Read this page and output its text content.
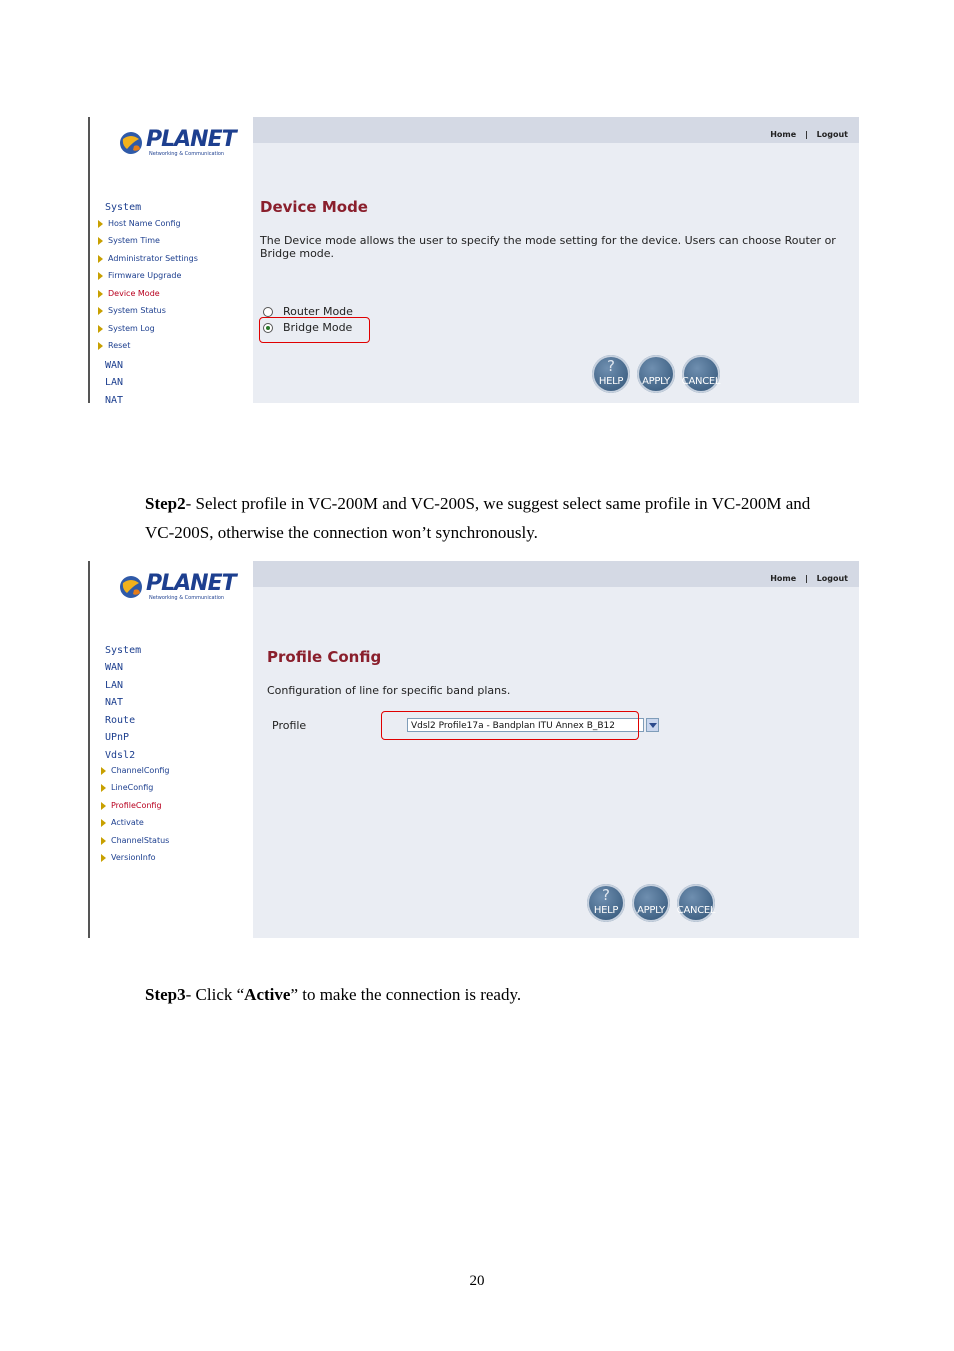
PLANET
Networking & Communication
System
Host Name Config
System Time
Administrator Settings
Firmware Upgrade
Device Mode
System Status
System Log
Reset
WAN
LAN
NAT
Home | Logout
Device Mode
The Device mode allows the user to specify the mode setting for the device. Users can choose Router or Bridge mode.
Router Mode
Bridge Mode
?
HELP	APPLY	CANCEL
Step2- Select profile in VC-200M and VC-200S, we suggest select same profile in VC-200M and VC-200S, otherwise the connection won’t synchronously.
PLANET
Networking & Communication
System
WAN
LAN
NAT
Route
UPnP
Vdsl2
ChannelConfig
LineConfig
ProfileConfig
Activate
ChannelStatus
VersionInfo
Home | Logout
Profile Config
Configuration of line for specific band plans.
Profile	Vdsl2 Profile17a - Bandplan ITU Annex B_B12
?
HELP	APPLY	CANCEL
Step3- Click “Active” to make the connection is ready.
20
